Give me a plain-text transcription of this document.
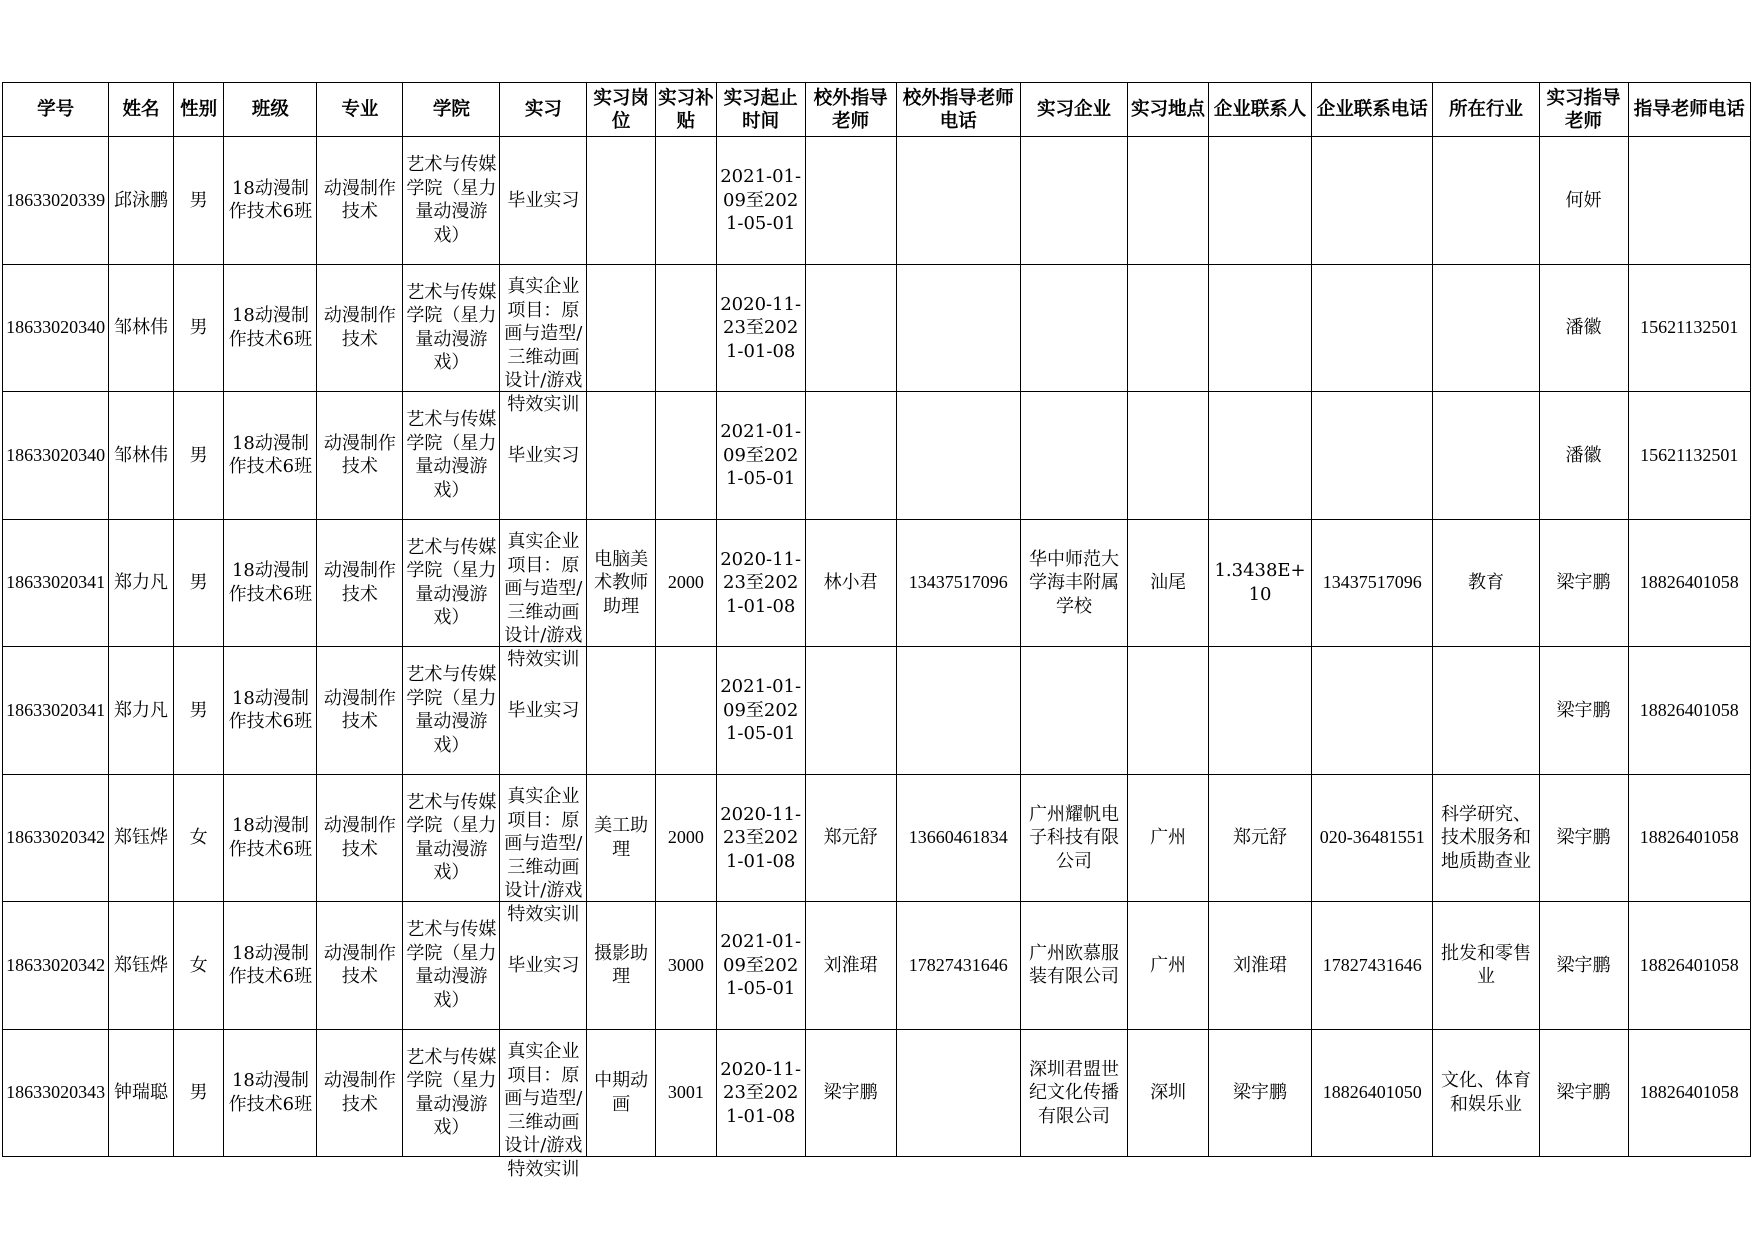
学号	姓名	性别	班级	专业	学院	实习	实习岗位	实习补贴	实习起止时间	校外指导老师	校外指导老师电话	实习企业	实习地点	企业联系人	企业联系电话	所在行业	实习指导老师	指导老师电话
18633020339	邱泳鹏	男	18动漫制作技术6班	动漫制作技术	艺术与传媒学院（星力量动漫游戏）	毕业实习			2021-01-09至2021-05-01								何妍	
18633020340	邹林伟	男	18动漫制作技术6班	动漫制作技术	艺术与传媒学院（星力量动漫游戏）	真实企业项目：原画与造型/三维动画设计/游戏特效实训			2020-11-23至2021-01-08								潘徽	15621132501
18633020340	邹林伟	男	18动漫制作技术6班	动漫制作技术	艺术与传媒学院（星力量动漫游戏）	毕业实习			2021-01-09至2021-05-01								潘徽	15621132501
18633020341	郑力凡	男	18动漫制作技术6班	动漫制作技术	艺术与传媒学院（星力量动漫游戏）	真实企业项目：原画与造型/三维动画设计/游戏特效实训	电脑美术教师助理	2000	2020-11-23至2021-01-08	林小君	13437517096	华中师范大学海丰附属学校	汕尾	1.3438E+10	13437517096	教育	梁宇鹏	18826401058
18633020341	郑力凡	男	18动漫制作技术6班	动漫制作技术	艺术与传媒学院（星力量动漫游戏）	毕业实习			2021-01-09至2021-05-01								梁宇鹏	18826401058
18633020342	郑钰烨	女	18动漫制作技术6班	动漫制作技术	艺术与传媒学院（星力量动漫游戏）	真实企业项目：原画与造型/三维动画设计/游戏特效实训	美工助理	2000	2020-11-23至2021-01-08	郑元舒	13660461834	广州耀帆电子科技有限公司	广州	郑元舒	020-36481551	科学研究、技术服务和地质勘查业	梁宇鹏	18826401058
18633020342	郑钰烨	女	18动漫制作技术6班	动漫制作技术	艺术与传媒学院（星力量动漫游戏）	毕业实习	摄影助理	3000	2021-01-09至2021-05-01	刘淮珺	17827431646	广州欧慕服装有限公司	广州	刘淮珺	17827431646	批发和零售业	梁宇鹏	18826401058
18633020343	钟瑞聪	男	18动漫制作技术6班	动漫制作技术	艺术与传媒学院（星力量动漫游戏）	真实企业项目：原画与造型/三维动画设计/游戏特效实训	中期动画	3001	2020-11-23至2021-01-08	梁宇鹏		深圳君盟世纪文化传播有限公司	深圳	梁宇鹏	18826401050	文化、体育和娱乐业	梁宇鹏	18826401058
